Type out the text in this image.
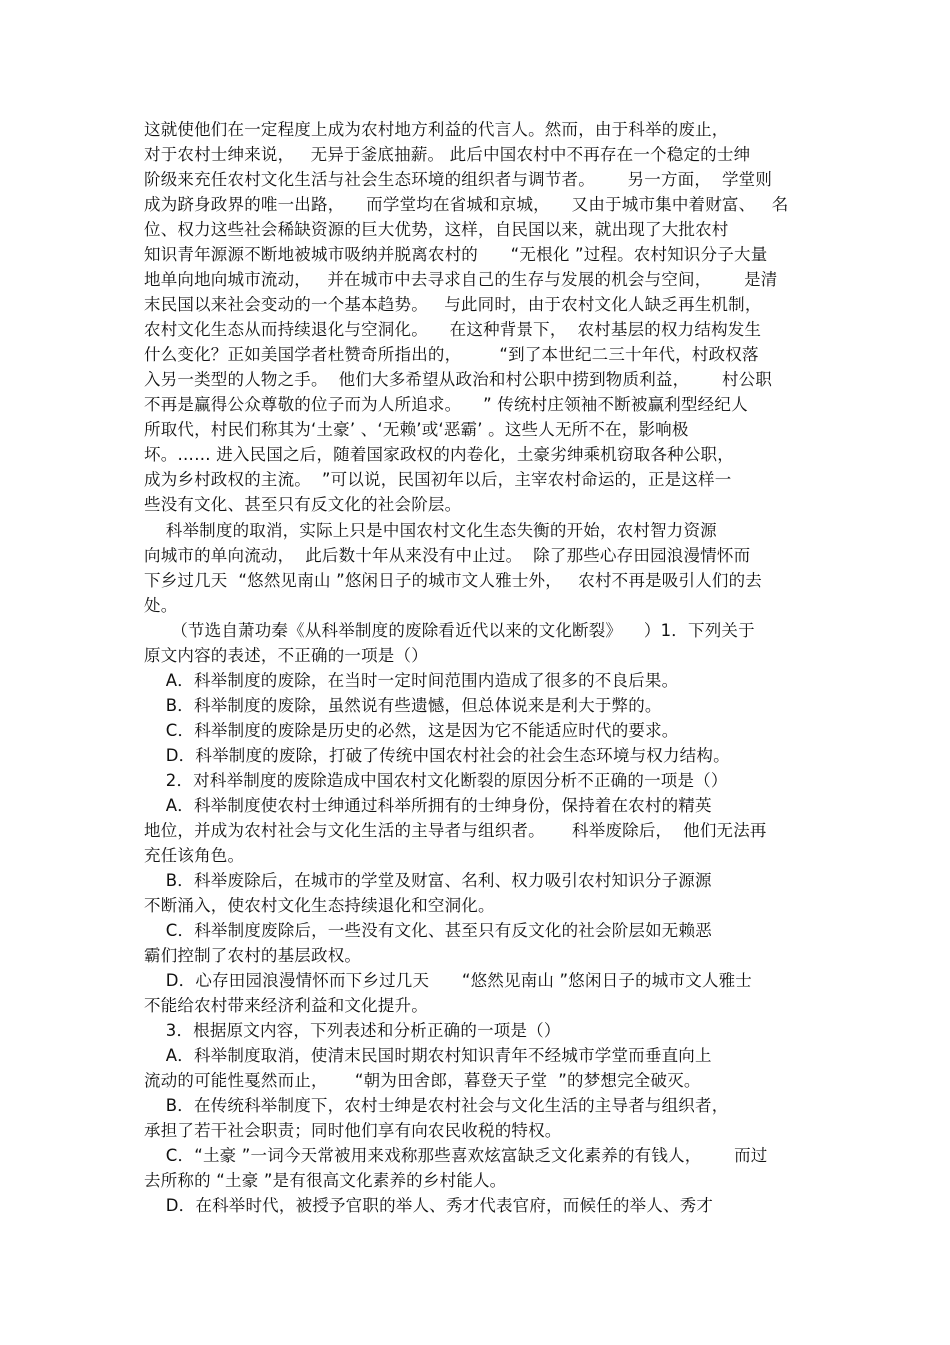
这就使他们在一定程度上成为农村地方利益的代言人。然而，由于科举的废止，
对于农村士绅来说，   无异于釜底抽薪。 此后中国农村中不再存在一个稳定的士绅
阶级来充任农村文化生活与社会生态环境的组织者与调节者。      另一方面，  学堂则
成为跻身政界的唯一出路，    而学堂均在省城和京城，    又由于城市集中着财富、   名
位、权力这些社会稀缺资源的巨大优势，这样，自民国以来，就出现了大批农村
知识青年源源不断地被城市吸纳并脱离农村的      “无根化 ”过程。农村知识分子大量
地单向地向城市流动，   并在城市中去寻求自己的生存与发展的机会与空间，      是清
末民国以来社会变动的一个基本趋势。   与此同时，由于农村文化人缺乏再生机制，
农村文化生态从而持续退化与空洞化。    在这种背景下，  农村基层的权力结构发生
什么变化？正如美国学者杜赞奇所指出的，       “到了本世纪二三十年代，村政权落
入另一类型的人物之手。  他们大多希望从政治和村公职中捞到物质利益，      村公职
不再是赢得公众尊敬的位子而为人所追求。    ” 传统村庄领袖不断被赢利型经纪人
所取代，村民们称其为‘土豪’ 、‘无赖’或‘恶霸’ 。这些人无所不在，影响极
坏。…… 进入民国之后，随着国家政权的内卷化，土豪劣绅乘机窃取各种公职，
成为乡村政权的主流。  ”可以说，民国初年以后，主宰农村命运的，正是这样一
些没有文化、甚至只有反文化的社会阶层。
科举制度的取消，实际上只是中国农村文化生态失衡的开始，农村智力资源
向城市的单向流动，  此后数十年从来没有中止过。  除了那些心存田园浪漫情怀而
下乡过几天  “悠然见南山 ”悠闲日子的城市文人雅士外，   农村不再是吸引人们的去
处。
（节选自萧功秦《从科举制度的废除看近代以来的文化断裂》    ）1．下列关于
原文内容的表述，不正确的一项是（）
A．科举制度的废除，在当时一定时间范围内造成了很多的不良后果。
B．科举制度的废除，虽然说有些遗憾，但总体说来是利大于弊的。
C．科举制度的废除是历史的必然，这是因为它不能适应时代的要求。
D．科举制度的废除，打破了传统中国农村社会的社会生态环境与权力结构。
2．对科举制度的废除造成中国农村文化断裂的原因分析不正确的一项是（）
A．科举制度使农村士绅通过科举所拥有的士绅身份，保持着在农村的精英
地位，并成为农村社会与文化生活的主导者与组织者。     科举废除后，  他们无法再
充任该角色。
B．科举废除后，在城市的学堂及财富、名利、权力吸引农村知识分子源源
不断涌入，使农村文化生态持续退化和空洞化。
C．科举制度废除后，一些没有文化、甚至只有反文化的社会阶层如无赖恶
霸们控制了农村的基层政权。
D．心存田园浪漫情怀而下乡过几天      “悠然见南山 ”悠闲日子的城市文人雅士
不能给农村带来经济利益和文化提升。
3．根据原文内容，下列表述和分析正确的一项是（）
A．科举制度取消，使清末民国时期农村知识青年不经城市学堂而垂直向上
流动的可能性戛然而止，     “朝为田舍郎，暮登天子堂  ”的梦想完全破灭。
B．在传统科举制度下，农村士绅是农村社会与文化生活的主导者与组织者，
承担了若干社会职责；同时他们享有向农民收税的特权。
C．“土豪 ”一词今天常被用来戏称那些喜欢炫富缺乏文化素养的有钱人，      而过
去所称的 “土豪 ”是有很高文化素养的乡村能人。
D．在科举时代，被授予官职的举人、秀才代表官府，而候任的举人、秀才
